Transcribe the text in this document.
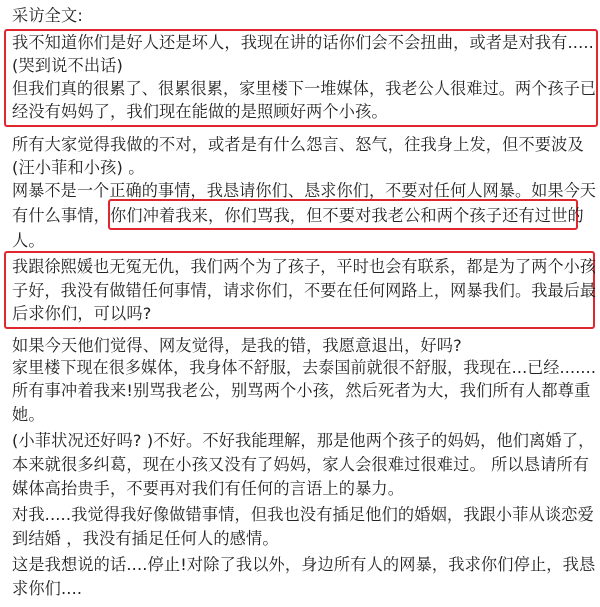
采访全文:
我不知道你们是好人还是坏人，我现在讲的话你们会不会扭曲，或者是对我有.....
(哭到说不出话)
但我们真的很累了、很累很累，家里楼下一堆媒体，我老公人很难过。两个孩子已
经没有妈妈了，我们现在能做的是照顾好两个小孩。
所有大家觉得我做的不对，或者是有什么怨言、怒气，往我身上发，但不要波及
(汪小菲和小孩) 。
网暴不是一个正确的事情，我恳请你们、恳求你们，不要对任何人网暴。如果今天
有什么事情，你们冲着我来，你们骂我，但不要对我老公和两个孩子还有过世的
人。
我跟徐熙媛也无冤无仇，我们两个为了孩子，平时也会有联系，都是为了两个小孩
子好，我没有做错任何事情，请求你们，不要在任何网路上，网暴我们。我最后最
后求你们，可以吗?
如果今天他们觉得、网友觉得，是我的错，我愿意退出，好吗?
家里楼下现在很多媒体，我身体不舒服，去泰国前就很不舒服，我现在...已经.......
所有事冲着我来!别骂我老公，别骂两个小孩，然后死者为大，我们所有人都尊重
她。
(小菲状况还好吗? )不好。不好我能理解，那是他两个孩子的妈妈，他们离婚了，
本来就很多纠葛，现在小孩又没有了妈妈，家人会很难过很难过。 所以恳请所有
媒体高抬贵手，不要再对我们有任何的言语上的暴力。
对我.....我觉得我好像做错事情，但我也没有插足他们的婚姻，我跟小菲从谈恋爱
到结婚 ，我没有插足任何人的感情。
这是我想说的话....停止!对除了我以外，身边所有人的网暴，我求你们停止，我恳
求你们....
